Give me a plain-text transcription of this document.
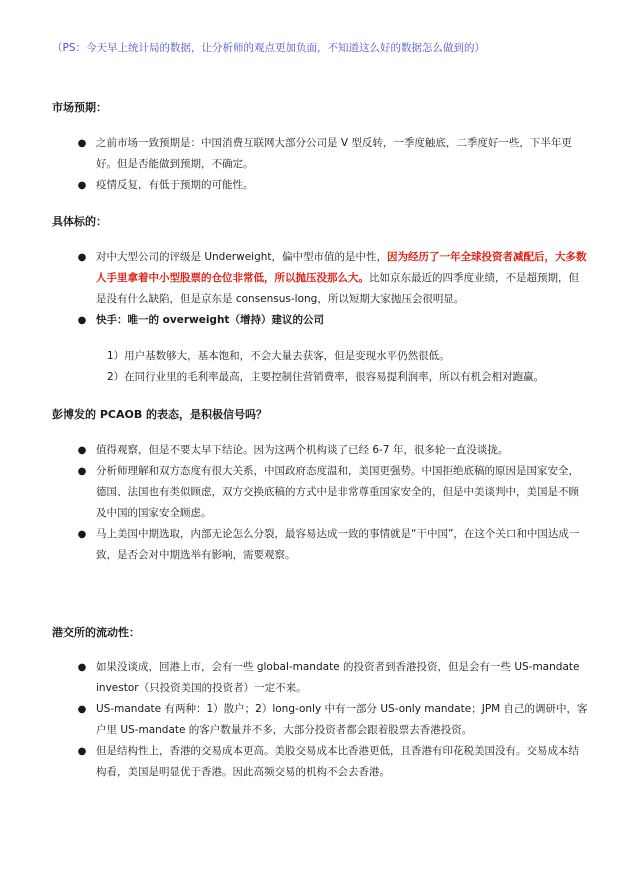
（PS：今天早上统计局的数据，让分析师的观点更加负面，不知道这么好的数据怎么做到的）
市场预期：
● 之前市场一致预期是：中国消费互联网大部分公司是 V 型反转，一季度触底，二季度好一些，下半年更好。但是否能做到预期，不确定。
● 疫情反复，有低于预期的可能性。
具体标的：
● 对中大型公司的评级是 Underweight，偏中型市值的是中性，因为经历了一年全球投资者减配后，大多数人手里拿着中小型股票的仓位非常低，所以抛压没那么大。比如京东最近的四季度业绩，不是超预期，但是没有什么缺陷，但是京东是 consensus-long，所以短期大家抛压会很明显。
● 快手：唯一的 overweight（增持）建议的公司
1）用户基数够大，基本饱和，不会大量去获客，但是变现水平仍然很低。
2）在同行业里的毛利率最高，主要控制住营销费率，很容易提利润率，所以有机会相对跑赢。
彭博发的 PCAOB 的表态，是积极信号吗？
● 值得观察，但是不要太早下结论。因为这两个机构谈了已经 6-7 年，很多轮一直没谈拢。
● 分析师理解和双方态度有很大关系，中国政府态度温和，美国更强势。中国拒绝底稿的原因是国家安全，德国、法国也有类似顾虑，双方交换底稿的方式中是非常尊重国家安全的，但是中美谈判中，美国是不顾及中国的国家安全顾虑。
● 马上美国中期选取，内部无论怎么分裂，最容易达成一致的事情就是“干中国”，在这个关口和中国达成一致，是否会对中期选举有影响，需要观察。
港交所的流动性：
● 如果没谈成，回港上市，会有一些 global-mandate 的投资者到香港投资，但是会有一些 US-mandate investor（只投资美国的投资者）一定不来。
● US-mandate 有两种：1）散户；2）long-only 中有一部分 US-only mandate；JPM 自己的调研中，客户里 US-mandate 的客户数量并不多，大部分投资者都会跟着股票去香港投资。
● 但是结构性上，香港的交易成本更高。美股交易成本比香港更低，且香港有印花税美国没有。交易成本结构看，美国是明显优于香港。因此高频交易的机构不会去香港。
